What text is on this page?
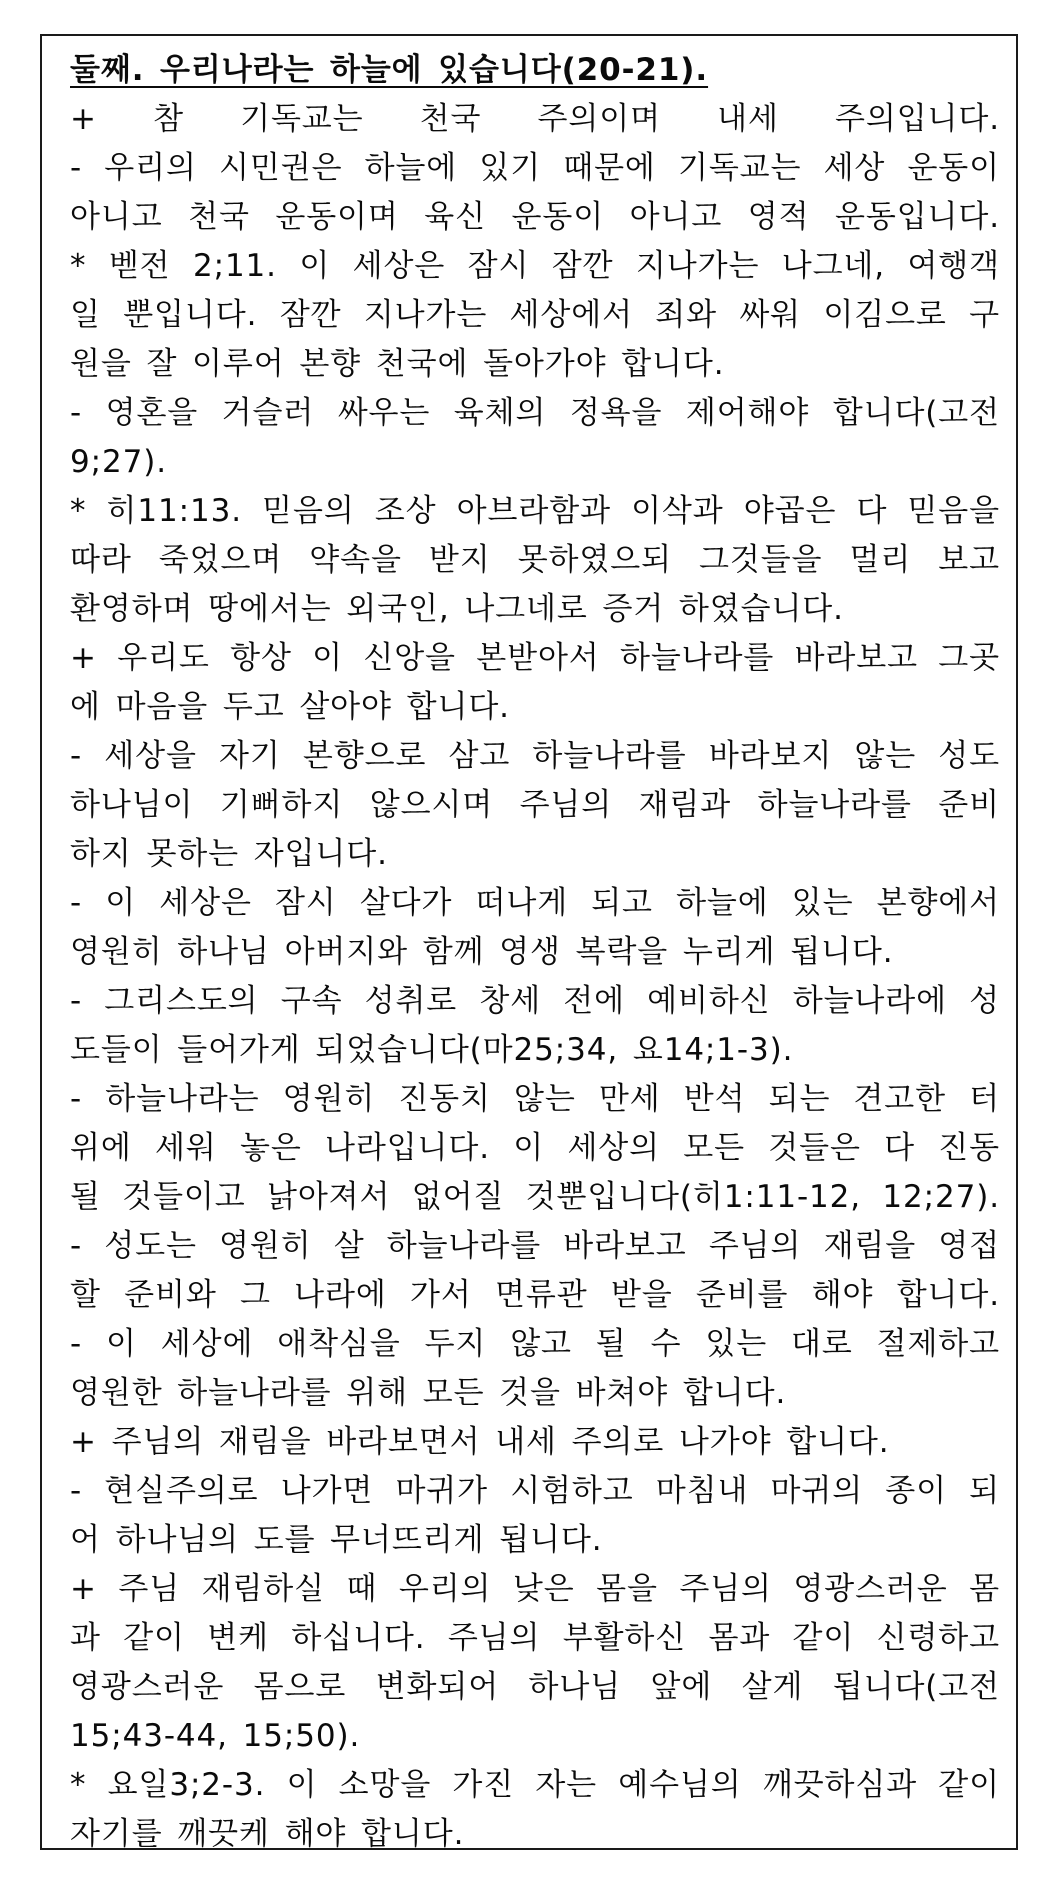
둘째. 우리나라는 하늘에 있습니다(20-21).
+ 참 기독교는 천국 주의이며 내세 주의입니다.
- 우리의 시민권은 하늘에 있기 때문에 기독교는 세상 운동이
아니고 천국 운동이며 육신 운동이 아니고 영적 운동입니다.
* 벧전 2;11. 이 세상은 잠시 잠깐 지나가는 나그네, 여행객
일 뿐입니다. 잠깐 지나가는 세상에서 죄와 싸워 이김으로 구
원을 잘 이루어 본향 천국에 돌아가야 합니다.
- 영혼을 거슬러 싸우는 육체의 정욕을 제어해야 합니다(고전
9;27).
* 히11:13. 믿음의 조상 아브라함과 이삭과 야곱은 다 믿음을
따라 죽었으며 약속을 받지 못하였으되 그것들을 멀리 보고
환영하며 땅에서는 외국인, 나그네로 증거 하였습니다.
+ 우리도 항상 이 신앙을 본받아서 하늘나라를 바라보고 그곳
에 마음을 두고 살아야 합니다.
- 세상을 자기 본향으로 삼고 하늘나라를 바라보지 않는 성도
하나님이 기뻐하지 않으시며 주님의 재림과 하늘나라를 준비
하지 못하는 자입니다.
- 이 세상은 잠시 살다가 떠나게 되고 하늘에 있는 본향에서
영원히 하나님 아버지와 함께 영생 복락을 누리게 됩니다.
- 그리스도의 구속 성취로 창세 전에 예비하신 하늘나라에 성
도들이 들어가게 되었습니다(마25;34, 요14;1-3).
- 하늘나라는 영원히 진동치 않는 만세 반석 되는 견고한 터
위에 세워 놓은 나라입니다. 이 세상의 모든 것들은 다 진동
될 것들이고 낡아져서 없어질 것뿐입니다(히1:11-12, 12;27).
- 성도는 영원히 살 하늘나라를 바라보고 주님의 재림을 영접
할 준비와 그 나라에 가서 면류관 받을 준비를 해야 합니다.
- 이 세상에 애착심을 두지 않고 될 수 있는 대로 절제하고
영원한 하늘나라를 위해 모든 것을 바쳐야 합니다.
+ 주님의 재림을 바라보면서 내세 주의로 나가야 합니다.
- 현실주의로 나가면 마귀가 시험하고 마침내 마귀의 종이 되
어 하나님의 도를 무너뜨리게 됩니다.
+ 주님 재림하실 때 우리의 낮은 몸을 주님의 영광스러운 몸
과 같이 변케 하십니다. 주님의 부활하신 몸과 같이 신령하고
영광스러운 몸으로 변화되어 하나님 앞에 살게 됩니다(고전
15;43-44, 15;50).
* 요일3;2-3. 이 소망을 가진 자는 예수님의 깨끗하심과 같이
자기를 깨끗케 해야 합니다.
